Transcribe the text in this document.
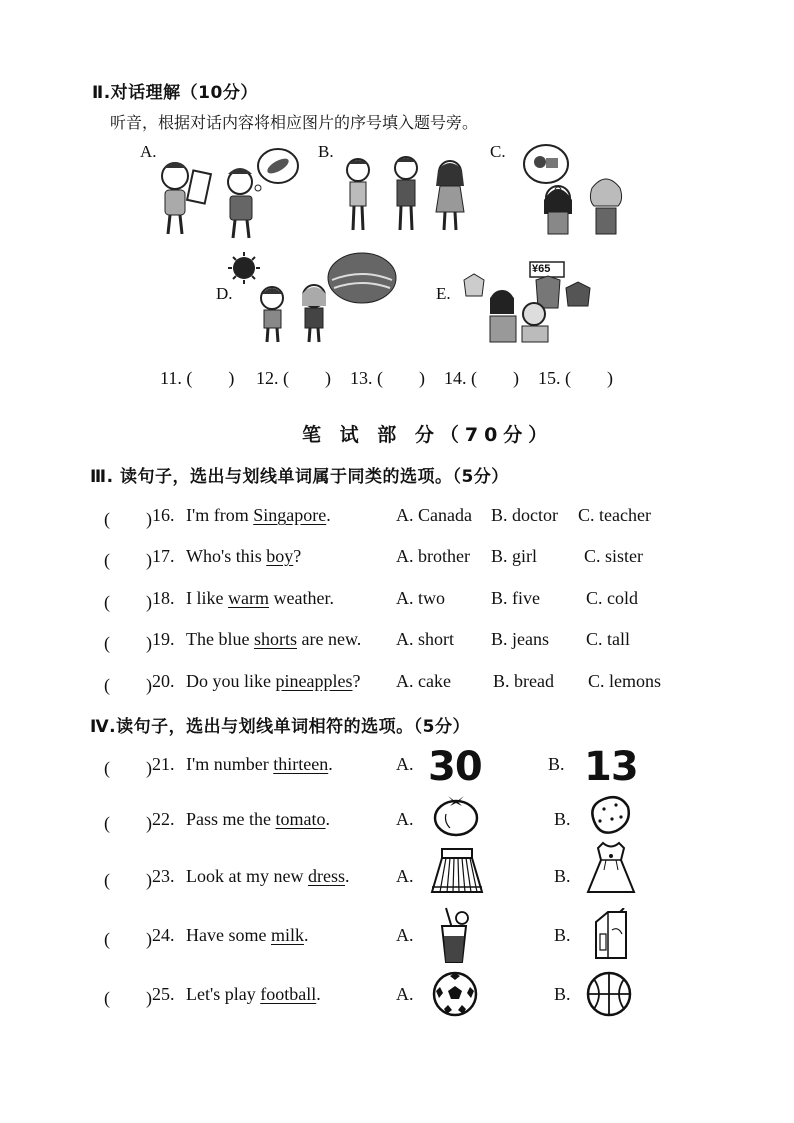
Ⅱ.对话理解（10分）
听音，根据对话内容将相应图片的序号填入题号旁。
A.	B.	C.
D.	E.
¥65
11. (　　) 12. (　　) 13. (　　) 14. (　　) 15. (　　)
笔 试 部 分（70分）
Ⅲ. 读句子，选出与划线单词属于同类的选项。（5分）
(　　) 16. I'm from Singapore.	A. Canada B. doctor C. teacher
(　　) 17. Who's this boy?	A. brother B. girl	C. sister
(　　) 18. I like warm weather.	A. two	B. five	C. cold
(　　) 19. The blue shorts are new. A. short B. jeans C. tall
(　　) 20. Do you like pineapples? A. cake B. bread C. lemons
Ⅳ.读句子，选出与划线单词相符的选项。（5分）
(　　) 21. I'm number thirteen.	A.	B.
30	13
(　　) 22. Pass me the tomato.	A.	B.
(　　) 23. Look at my new dress.	A.	B.
(　　) 24. Have some milk.	A.	B.
(　　) 25. Let's play football.	A.	B.
